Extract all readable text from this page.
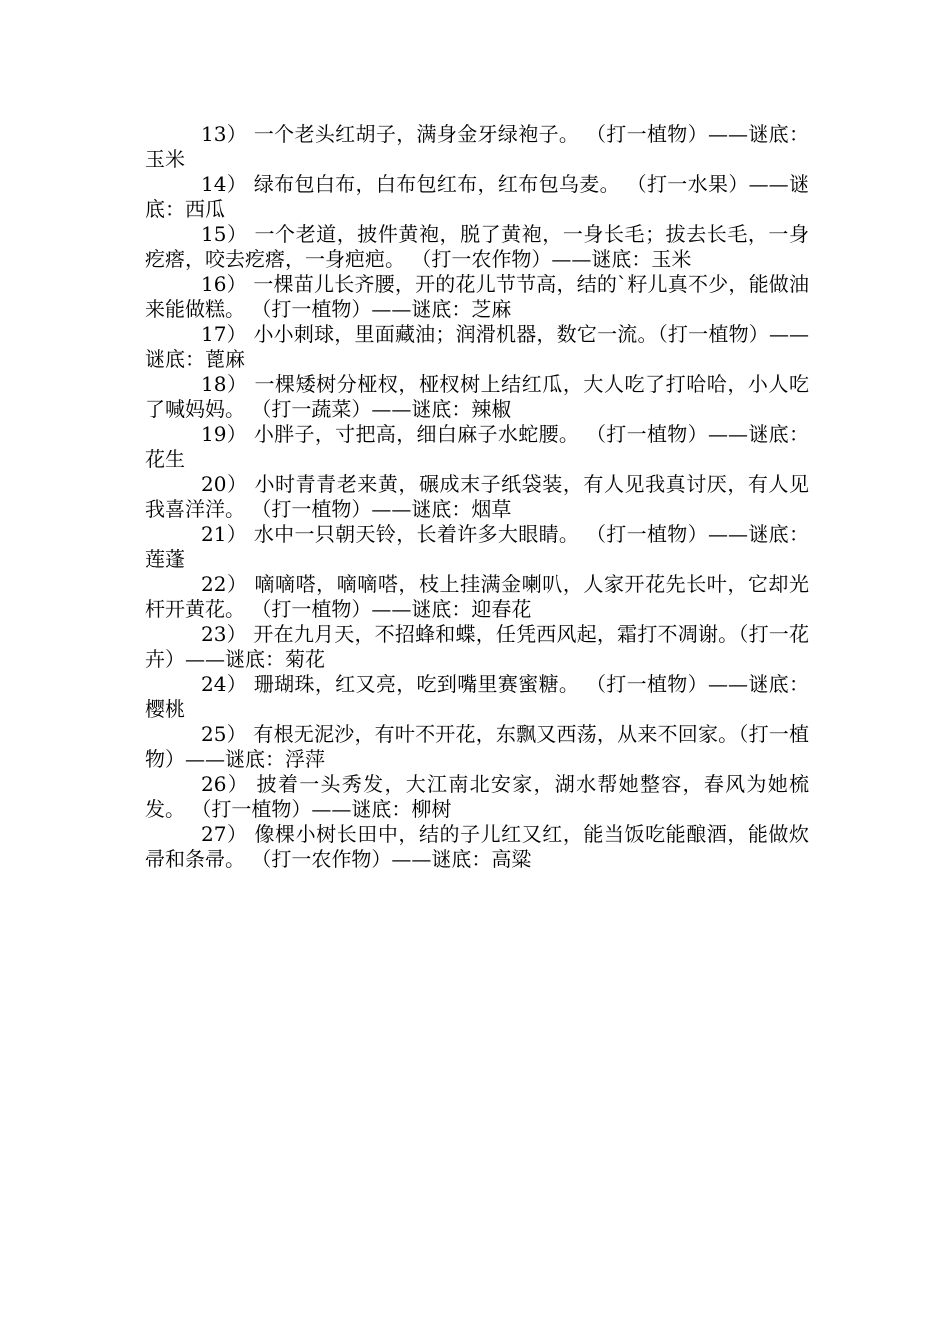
13） 一个老头红胡子，满身金牙绿袍子。 （打一植物）——谜底：玉米

14） 绿布包白布，白布包红布，红布包乌麦。 （打一水果）——谜底：西瓜

15） 一个老道，披件黄袍，脱了黄袍，一身长毛；拔去长毛，一身疙瘩，咬去疙瘩，一身疤疤。 （打一农作物）——谜底：玉米

16） 一棵苗儿长齐腰，开的花儿节节高，结的`籽儿真不少，能做油来能做糕。 （打一植物）——谜底：芝麻

17） 小小刺球，里面藏油；润滑机器，数它一流。（打一植物）——谜底：蓖麻

18） 一棵矮树分桠杈，桠杈树上结红瓜，大人吃了打哈哈，小人吃了喊妈妈。 （打一蔬菜）——谜底：辣椒

19） 小胖子，寸把高，细白麻子水蛇腰。 （打一植物）——谜底：花生

20） 小时青青老来黄，碾成末子纸袋装，有人见我真讨厌，有人见我喜洋洋。 （打一植物）——谜底：烟草

21） 水中一只朝天铃，长着许多大眼睛。 （打一植物）——谜底：莲蓬

22） 嘀嘀嗒，嘀嘀嗒，枝上挂满金喇叭，人家开花先长叶，它却光杆开黄花。 （打一植物）——谜底：迎春花

23） 开在九月天，不招蜂和蝶，任凭西风起，霜打不凋谢。（打一花卉）——谜底：菊花

24） 珊瑚珠，红又亮，吃到嘴里赛蜜糖。 （打一植物）——谜底：樱桃

25） 有根无泥沙，有叶不开花，东飘又西荡，从来不回家。（打一植物）——谜底：浮萍

26） 披着一头秀发，大江南北安家，湖水帮她整容，春风为她梳发。 （打一植物）——谜底：柳树

27） 像棵小树长田中，结的子儿红又红，能当饭吃能酿酒，能做炊帚和条帚。 （打一农作物）——谜底：高粱
